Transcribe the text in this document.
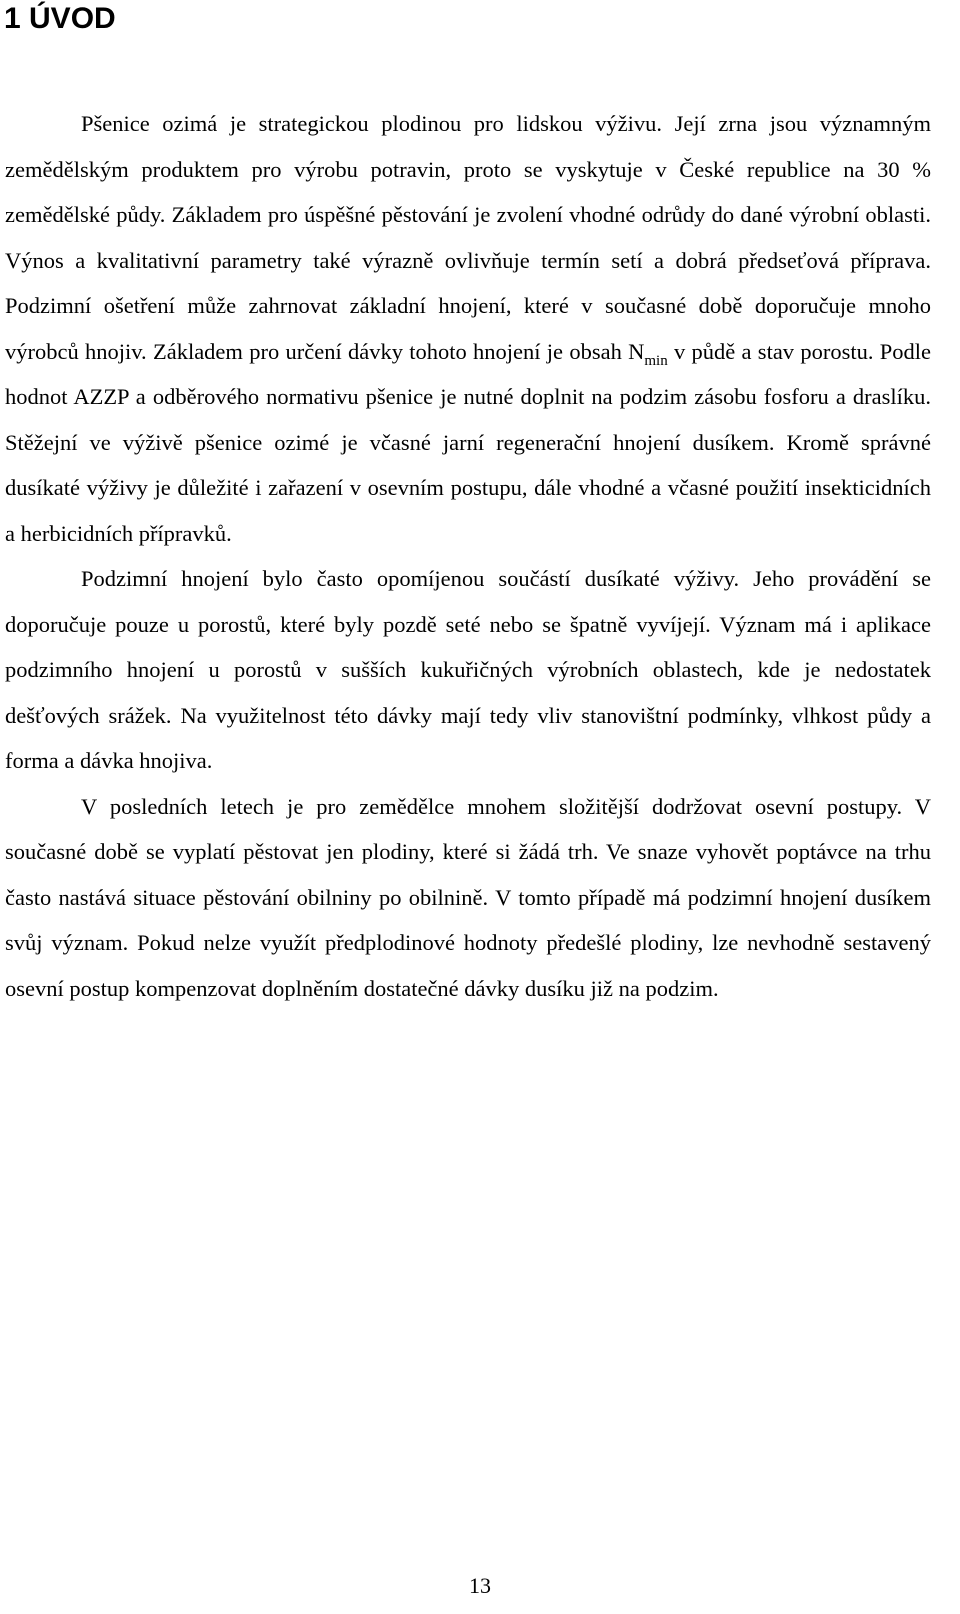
1 ÚVOD

Pšenice ozimá je strategickou plodinou pro lidskou výživu. Její zrna jsou významným zemědělským produktem pro výrobu potravin, proto se vyskytuje v České republice na 30 % zemědělské půdy. Základem pro úspěšné pěstování je zvolení vhodné odrůdy do dané výrobní oblasti. Výnos a kvalitativní parametry také výrazně ovlivňuje termín setí a dobrá předseťová příprava. Podzimní ošetření může zahrnovat základní hnojení, které v současné době doporučuje mnoho výrobců hnojiv. Základem pro určení dávky tohoto hnojení je obsah $N_{min}$ v půdě a stav porostu. Podle hodnot AZZP a odběrového normativu pšenice je nutné doplnit na podzim zásobu fosforu a draslíku. Stěžejní ve výživě pšenice ozimé je včasné jarní regenerační hnojení dusíkem. Kromě správné dusíkaté výživy je důležité i zařazení v osevním postupu, dále vhodné a včasné použití insekticidních a herbicidních přípravků.

Podzimní hnojení bylo často opomíjenou součástí dusíkaté výživy. Jeho provádění se doporučuje pouze u porostů, které byly pozdě seté nebo se špatně vyvíjejí. Význam má i aplikace podzimního hnojení u porostů v sušších kukuřičných výrobních oblastech, kde je nedostatek dešťových srážek. Na využitelnost této dávky mají tedy vliv stanovištní podmínky, vlhkost půdy a forma a dávka hnojiva.

V posledních letech je pro zemědělce mnohem složitější dodržovat osevní postupy. V současné době se vyplatí pěstovat jen plodiny, které si žádá trh. Ve snaze vyhovět poptávce na trhu často nastává situace pěstování obilniny po obilnině. V tomto případě má podzimní hnojení dusíkem svůj význam. Pokud nelze využít předplodinové hodnoty předešlé plodiny, lze nevhodně sestavený osevní postup kompenzovat doplněním dostatečné dávky dusíku již na podzim.

13
